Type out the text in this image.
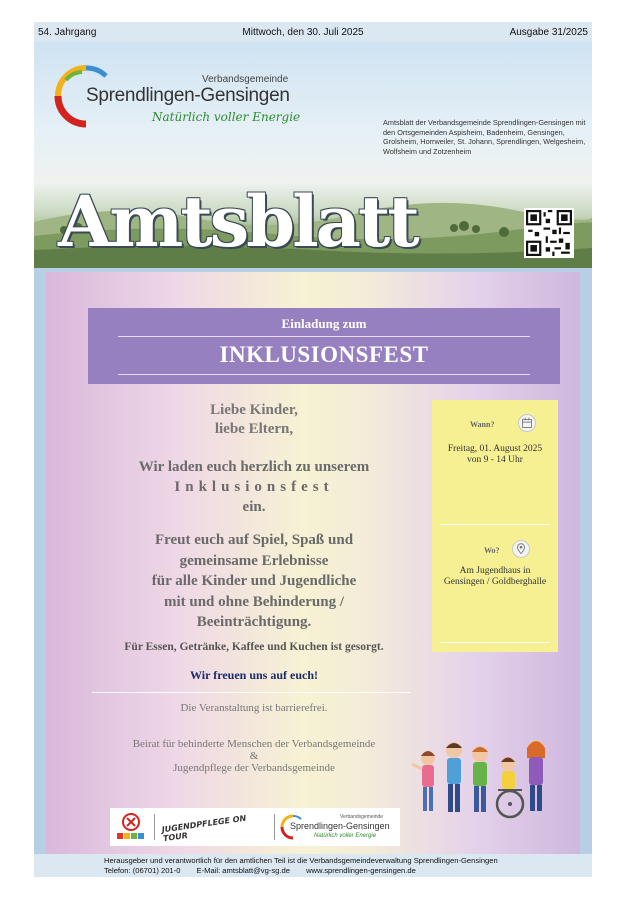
54. Jahrgang	Mittwoch, den 30. Juli 2025	Ausgabe 31/2025
Verbandsgemeinde
Sprendlingen-Gensingen
Natürlich voller Energie	Amtsblatt der Verbandsgemeinde Sprendlingen-Gensingen mit den Ortsgemeinden Aspisheim, Badenheim, Gensingen, Grolsheim, Horrweiler, St. Johann, Sprendlingen, Welgesheim, Wolfsheim und Zotzenheim
Amtsblatt
Einladung zum
INKLUSIONSFEST
Liebe Kinder,
liebe Eltern,
Wir laden euch herzlich zu unserem
Inklusionsfest
ein.
Freut euch auf Spiel, Spaß und
gemeinsame Erlebnisse
für alle Kinder und Jugendliche
mit und ohne Behinderung /
Beeinträchtigung.
Für Essen, Getränke, Kaffee und Kuchen ist gesorgt.
Wir freuen uns auf euch!
Die Veranstaltung ist barrierefrei.
Beirat für behinderte Menschen der Verbandsgemeinde
&
Jugendpflege der Verbandsgemeinde
Wann?
Freitag, 01. August 2025
von 9 - 14 Uhr
Wo?
Am Jugendhaus in
Gensingen / Goldberghalle
JUGENDPFLEGE ON TOUR
Verbandsgemeinde
Sprendlingen-Gensingen
Natürlich voller Energie
Herausgeber und verantwortlich für den amtlichen Teil ist die Verbandsgemeindeverwaltung Sprendlingen-Gensingen
Telefon: (06701) 201-0 E-Mail: amtsblatt@vg-sg.de www.sprendlingen-gensingen.de
